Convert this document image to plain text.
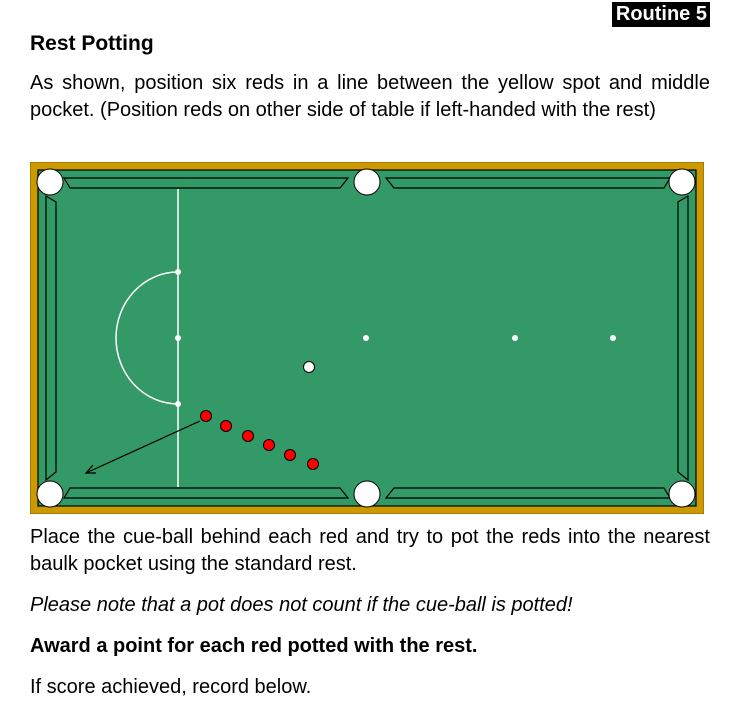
Routine 5
Rest Potting
As shown, position six reds in a line between the yellow spot and middle pocket. (Position reds on other side of table if left-handed with the rest)
Place the cue-ball behind each red and try to pot the reds into the nearest baulk pocket using the standard rest.
Please note that a pot does not count if the cue-ball is potted!
Award a point for each red potted with the rest.
If score achieved, record below.
